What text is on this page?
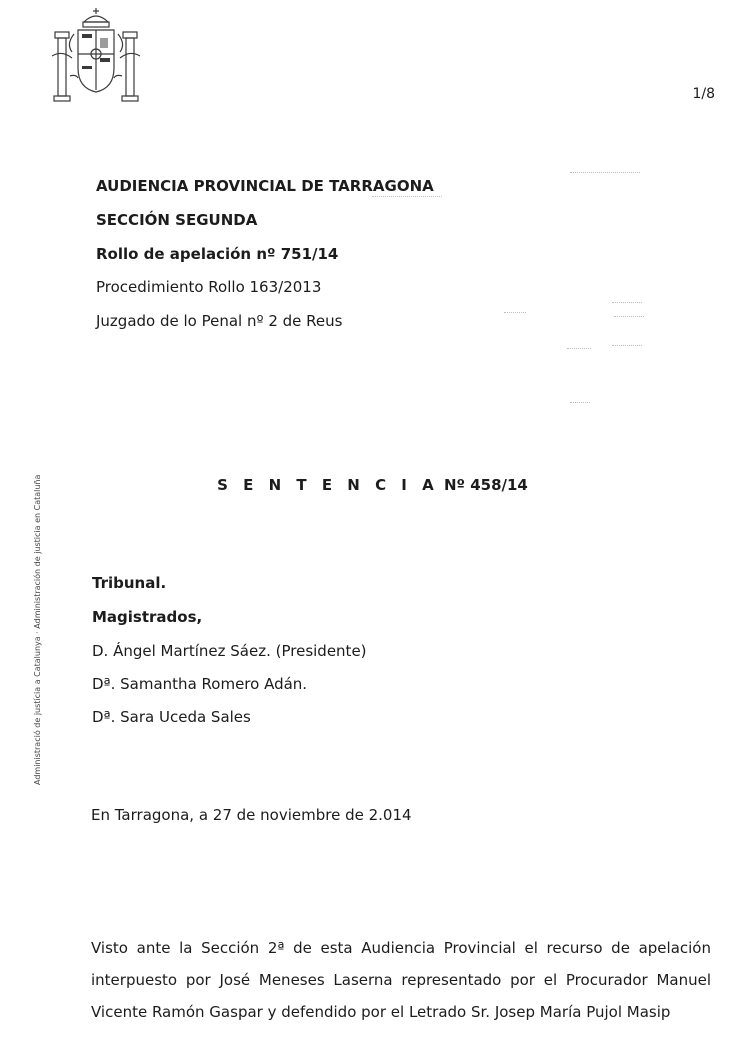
1/8
AUDIENCIA PROVINCIAL DE TARRAGONA
SECCIÓN SEGUNDA
Rollo de apelación nº 751/14
Procedimiento Rollo 163/2013
Juzgado de lo Penal nº 2 de Reus
S E N T E N C I A Nº 458/14
Administració de justícia a Catalunya · Administración de justicia en Cataluña	Tribunal.
Magistrados,
D. Ángel Martínez Sáez. (Presidente)
Dª. Samantha Romero Adán.
Dª. Sara Uceda Sales
En Tarragona, a 27 de noviembre de 2.014
Visto ante la Sección 2ª de esta Audiencia Provincial el recurso de apelación interpuesto por José Meneses Laserna representado por el Procurador Manuel Vicente Ramón Gaspar y defendido por el Letrado Sr. Josep María Pujol Masip
